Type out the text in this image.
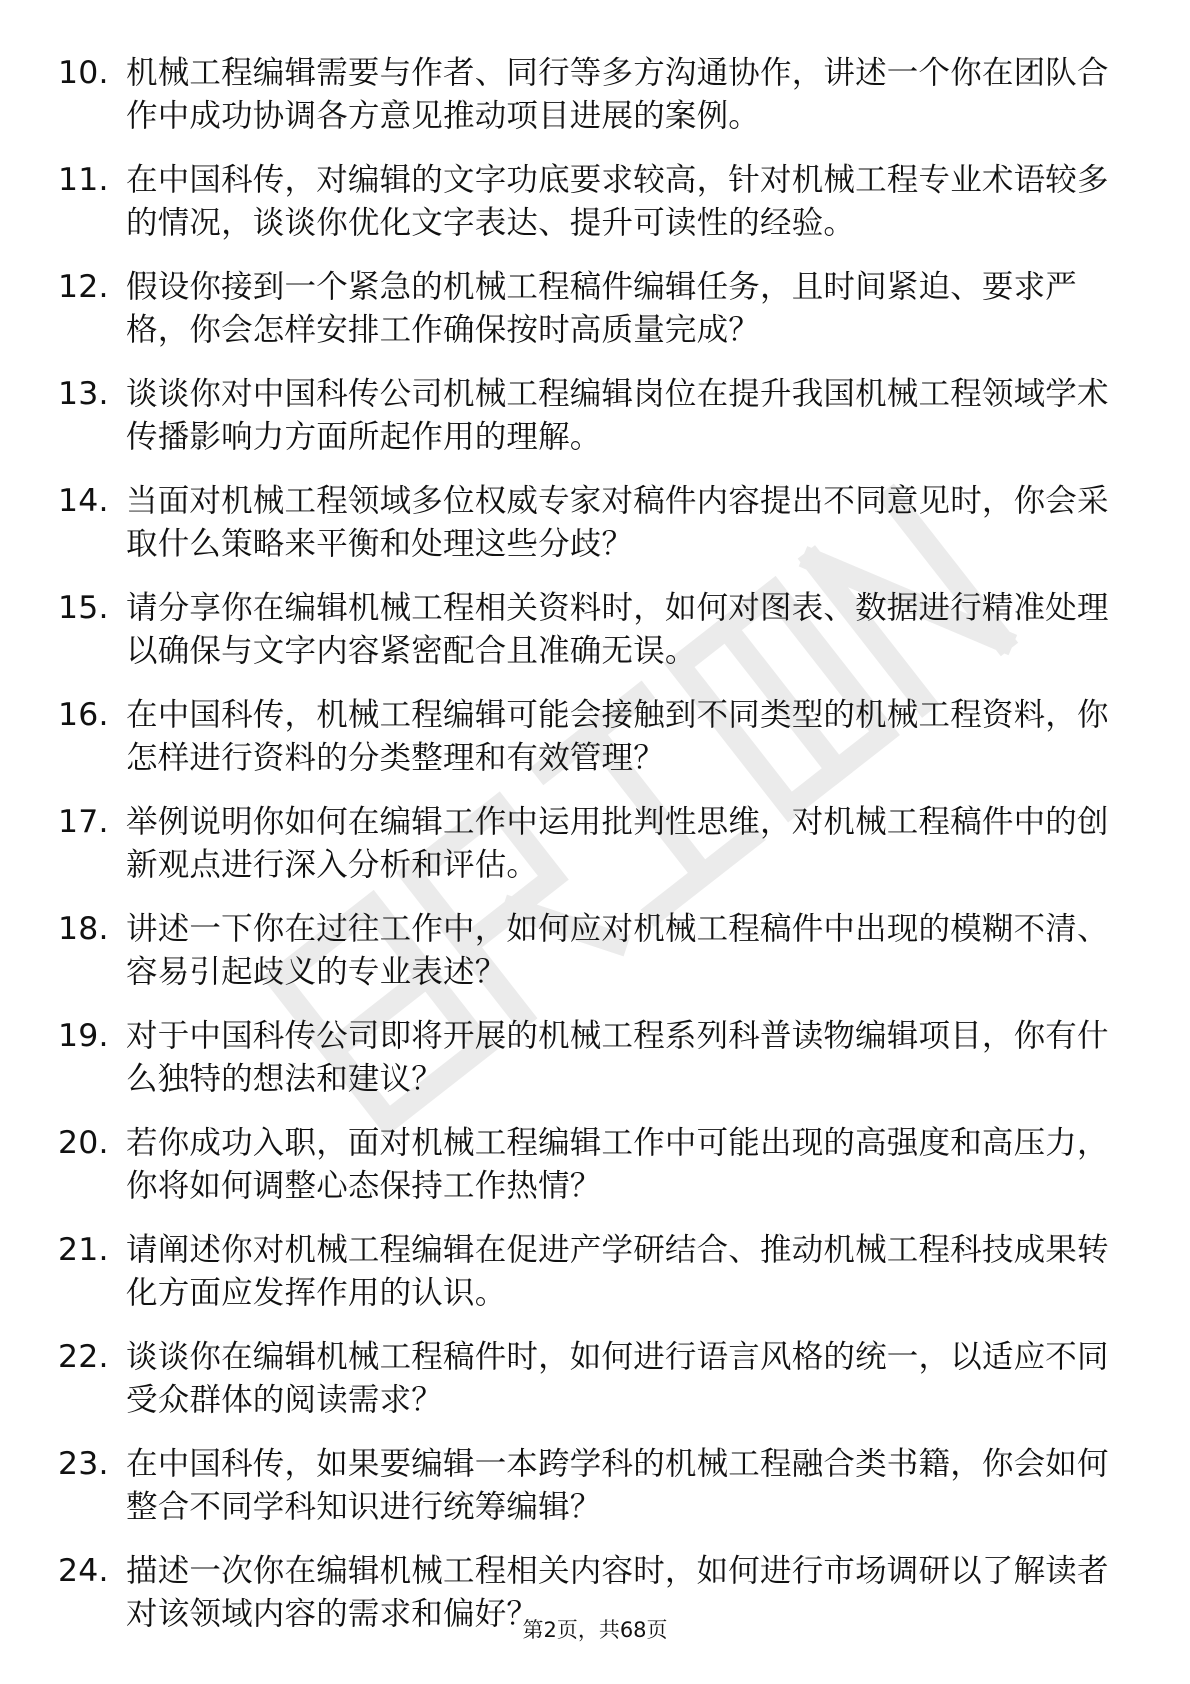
10. 机械工程编辑需要与作者、同行等多方沟通协作，讲述一个你在团队合作中成功协调各方意见推动项目进展的案例。
11. 在中国科传，对编辑的文字功底要求较高，针对机械工程专业术语较多的情况，谈谈你优化文字表达、提升可读性的经验。
12. 假设你接到一个紧急的机械工程稿件编辑任务，且时间紧迫、要求严格，你会怎样安排工作确保按时高质量完成？
13. 谈谈你对中国科传公司机械工程编辑岗位在提升我国机械工程领域学术传播影响力方面所起作用的理解。
14. 当面对机械工程领域多位权威专家对稿件内容提出不同意见时，你会采取什么策略来平衡和处理这些分歧？
15. 请分享你在编辑机械工程相关资料时，如何对图表、数据进行精准处理以确保与文字内容紧密配合且准确无误。
16. 在中国科传，机械工程编辑可能会接触到不同类型的机械工程资料，你怎样进行资料的分类整理和有效管理？
17. 举例说明你如何在编辑工作中运用批判性思维，对机械工程稿件中的创新观点进行深入分析和评估。
18. 讲述一下你在过往工作中，如何应对机械工程稿件中出现的模糊不清、容易引起歧义的专业表述？
19. 对于中国科传公司即将开展的机械工程系列科普读物编辑项目，你有什么独特的想法和建议？
20. 若你成功入职，面对机械工程编辑工作中可能出现的高强度和高压力，你将如何调整心态保持工作热情？
21. 请阐述你对机械工程编辑在促进产学研结合、推动机械工程科技成果转化方面应发挥作用的认识。
22. 谈谈你在编辑机械工程稿件时，如何进行语言风格的统一，以适应不同受众群体的阅读需求？
23. 在中国科传，如果要编辑一本跨学科的机械工程融合类书籍，你会如何整合不同学科知识进行统筹编辑？
24. 描述一次你在编辑机械工程相关内容时，如何进行市场调研以了解读者对该领域内容的需求和偏好？
第2页，共68页
